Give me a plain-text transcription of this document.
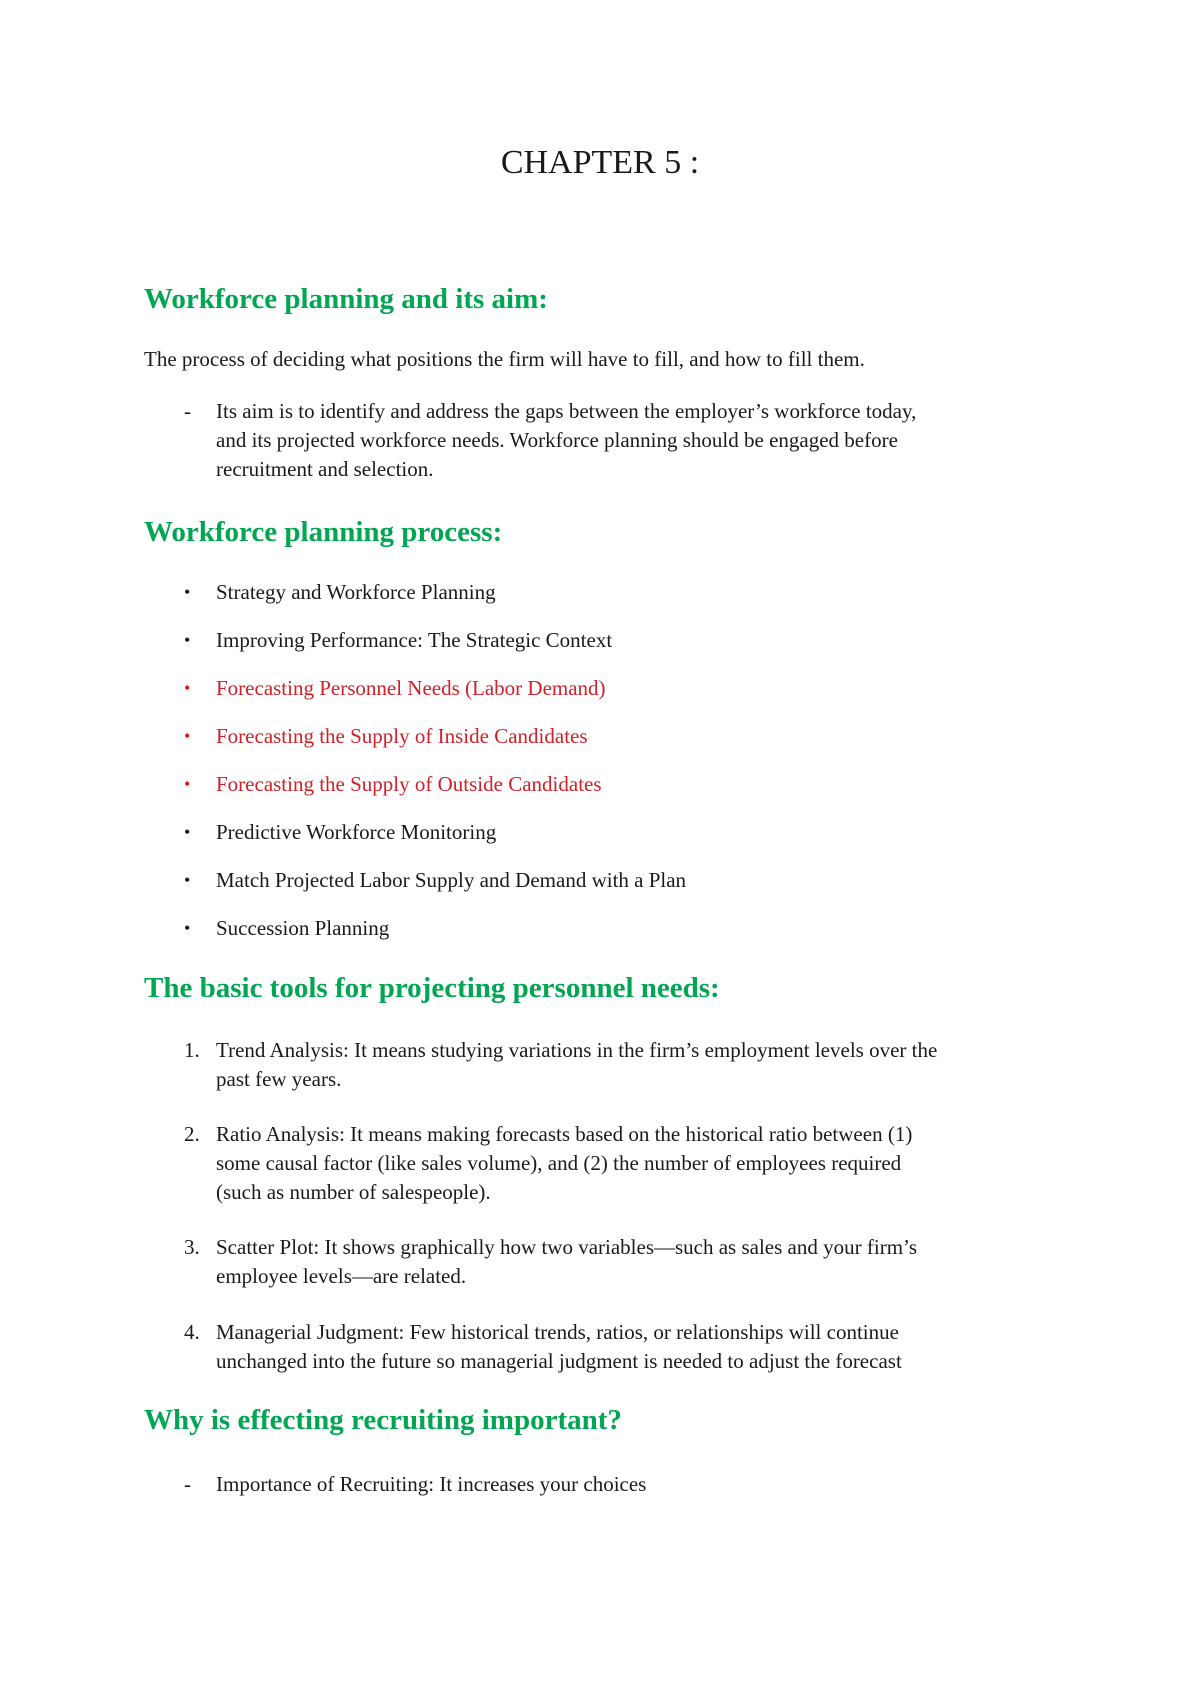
CHAPTER 5 :
Workforce planning and its aim:

The process of deciding what positions the firm will have to fill, and how to fill them.

-	Its aim is to identify and address the gaps between the employer’s workforce today,
and its projected workforce needs. Workforce planning should be engaged before
recruitment and selection.
Workforce planning process:
•	Strategy and Workforce Planning
•	Improving Performance: The Strategic Context
•	Forecasting Personnel Needs (Labor Demand)
•	Forecasting the Supply of Inside Candidates
•	Forecasting the Supply of Outside Candidates
•	Predictive Workforce Monitoring
•	Match Projected Labor Supply and Demand with a Plan
•	Succession Planning
The basic tools for projecting personnel needs:
1. Trend Analysis: It means studying variations in the firm’s employment levels over the
past few years.
2. Ratio Analysis: It means making forecasts based on the historical ratio between (1)
some causal factor (like sales volume), and (2) the number of employees required
(such as number of salespeople).
3. Scatter Plot: It shows graphically how two variables—such as sales and your firm’s
employee levels—are related.
4. Managerial Judgment: Few historical trends, ratios, or relationships will continue
unchanged into the future so managerial judgment is needed to adjust the forecast
Why is effecting recruiting important?
-	Importance of Recruiting: It increases your choices
